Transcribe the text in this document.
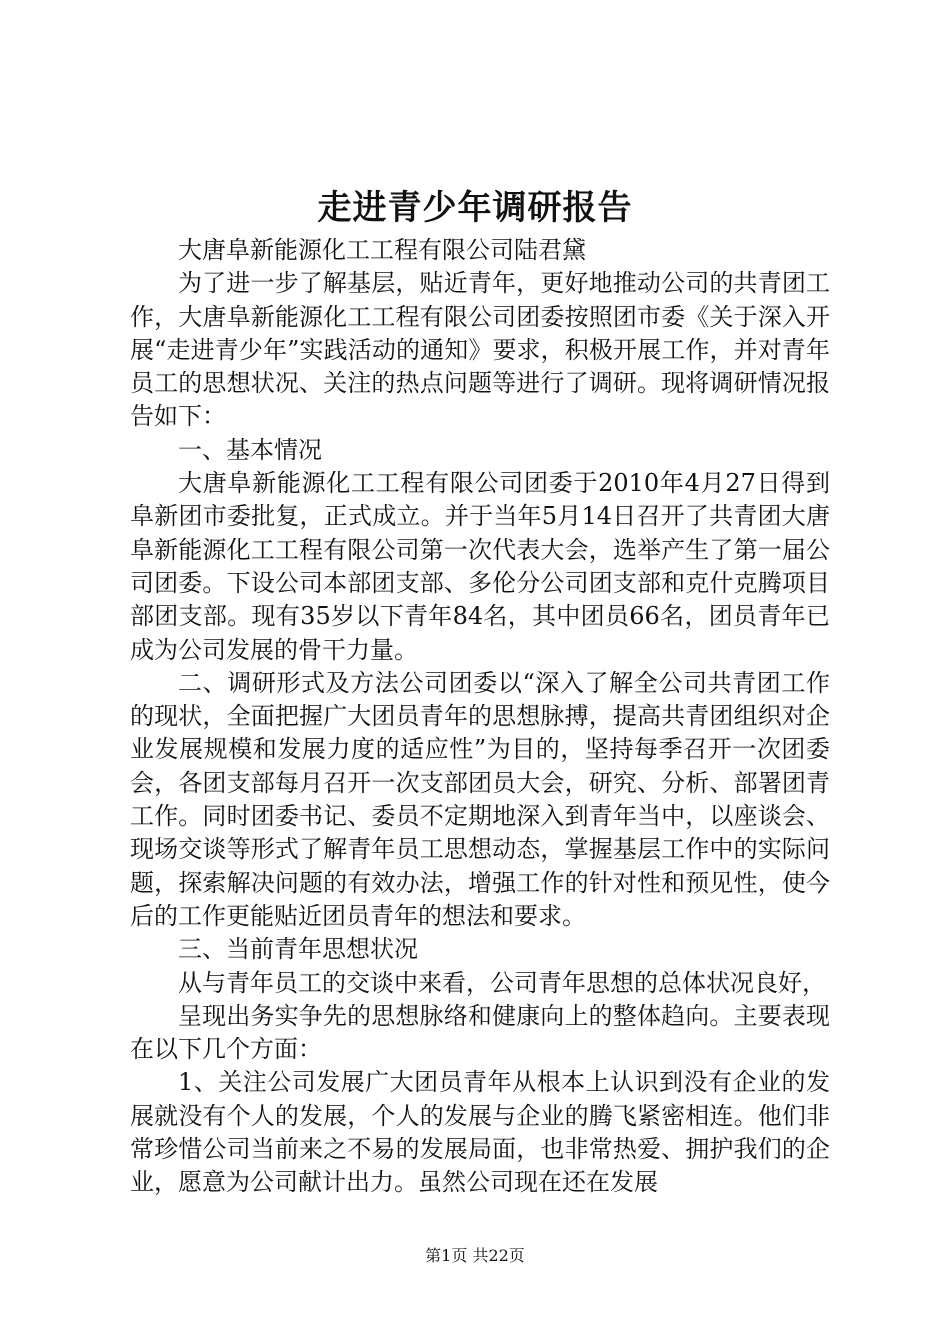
走进青少年调研报告

大唐阜新能源化工工程有限公司陆君黛

为了进一步了解基层，贴近青年，更好地推动公司的共青团工作，大唐阜新能源化工工程有限公司团委按照团市委《关于深入开展“走进青少年”实践活动的通知》要求，积极开展工作，并对青年员工的思想状况、关注的热点问题等进行了调研。现将调研情况报告如下：

一、基本情况

大唐阜新能源化工工程有限公司团委于2010年4月27日得到阜新团市委批复，正式成立。并于当年5月14日召开了共青团大唐阜新能源化工工程有限公司第一次代表大会，选举产生了第一届公司团委。下设公司本部团支部、多伦分公司团支部和克什克腾项目部团支部。现有35岁以下青年84名，其中团员66名，团员青年已成为公司发展的骨干力量。

二、调研形式及方法公司团委以“深入了解全公司共青团工作的现状，全面把握广大团员青年的思想脉搏，提高共青团组织对企业发展规模和发展力度的适应性”为目的，坚持每季召开一次团委会，各团支部每月召开一次支部团员大会，研究、分析、部署团青工作。同时团委书记、委员不定期地深入到青年当中，以座谈会、现场交谈等形式了解青年员工思想动态，掌握基层工作中的实际问题，探索解决问题的有效办法，增强工作的针对性和预见性，使今后的工作更能贴近团员青年的想法和要求。

三、当前青年思想状况

从与青年员工的交谈中来看，公司青年思想的总体状况良好，

呈现出务实争先的思想脉络和健康向上的整体趋向。主要表现在以下几个方面：

1、关注公司发展广大团员青年从根本上认识到没有企业的发展就没有个人的发展，个人的发展与企业的腾飞紧密相连。他们非常珍惜公司当前来之不易的发展局面，也非常热爱、拥护我们的企业，愿意为公司献计出力。虽然公司现在还在发展

第1页 共22页
